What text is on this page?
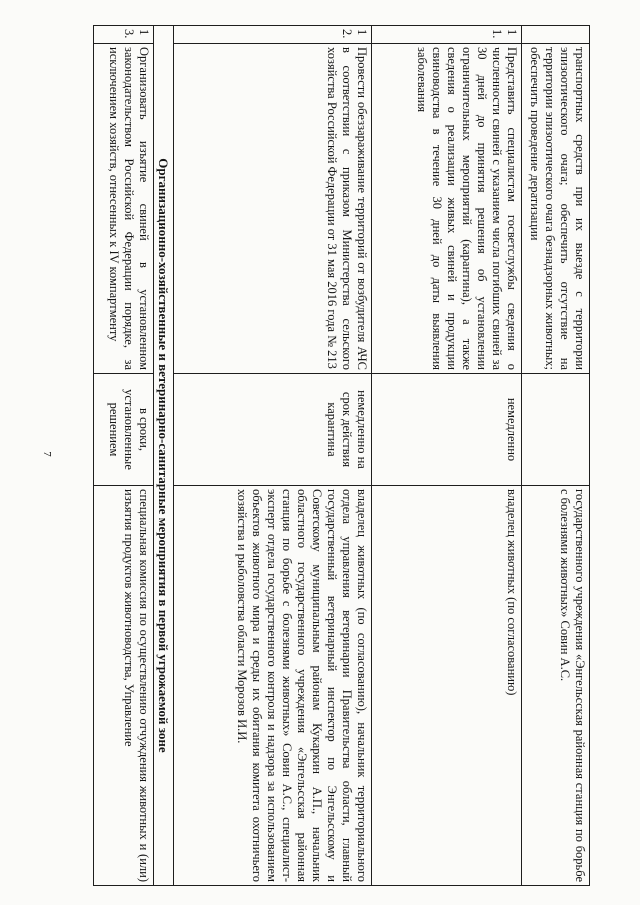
7
	транспортных средств при их выезде с территории эпизоотического очага; обеспечить отсутствие на территории эпизоотического очага безнадзорных животных; обеспечить проведение дератизации		государственного учреждения «Энгельсская районная станция по борьбе с болезнями животных» Совин А.С.
11.	Представить специалистам госветслужбы сведения о численности свиней с указанием числа погибших свиней за 30 дней до принятия решения об установлении ограничительных мероприятий (карантина), а также сведения о реализации живых свиней и продукции свиноводства в течение 30 дней до даты выявления заболевания	немедленно	владелец животных (по согласованию)
12.	Провести обеззараживание территорий от возбудителя АЧС в соответствии с приказом Министерства сельского хозяйства Российской Федерации от 31 мая 2016 года № 213	немедленно на срок действия карантина	владелец животных (по согласованию), начальник территориального отдела управления ветеринарии Правительства области, главный государственный ветеринарный инспектор по Энгельсскому и Советскому муниципальным районам Кукаркин А.П., начальник областного государственного учреждения «Энгельсская районная станция по борьбе с болезнями животных» Совин А.С., специалист-эксперт отдела государственного контроля и надзора за использованием объектов животного мира и среды их обитания комитета охотничьего хозяйства и рыболовства области Морозов И.И.
Организационно-хозяйственные и ветеринарно-санитарные мероприятия в первой угрожаемой зоне			
13.	Организовать изъятие свиней в установленном законодательством Российской Федерации порядке, за исключением хозяйств, отнесенных к IV компартменту	в сроки, установленные решением	специальная комиссия по осуществлению отчуждения животных и (или) изъятия продуктов животноводства, Управление
